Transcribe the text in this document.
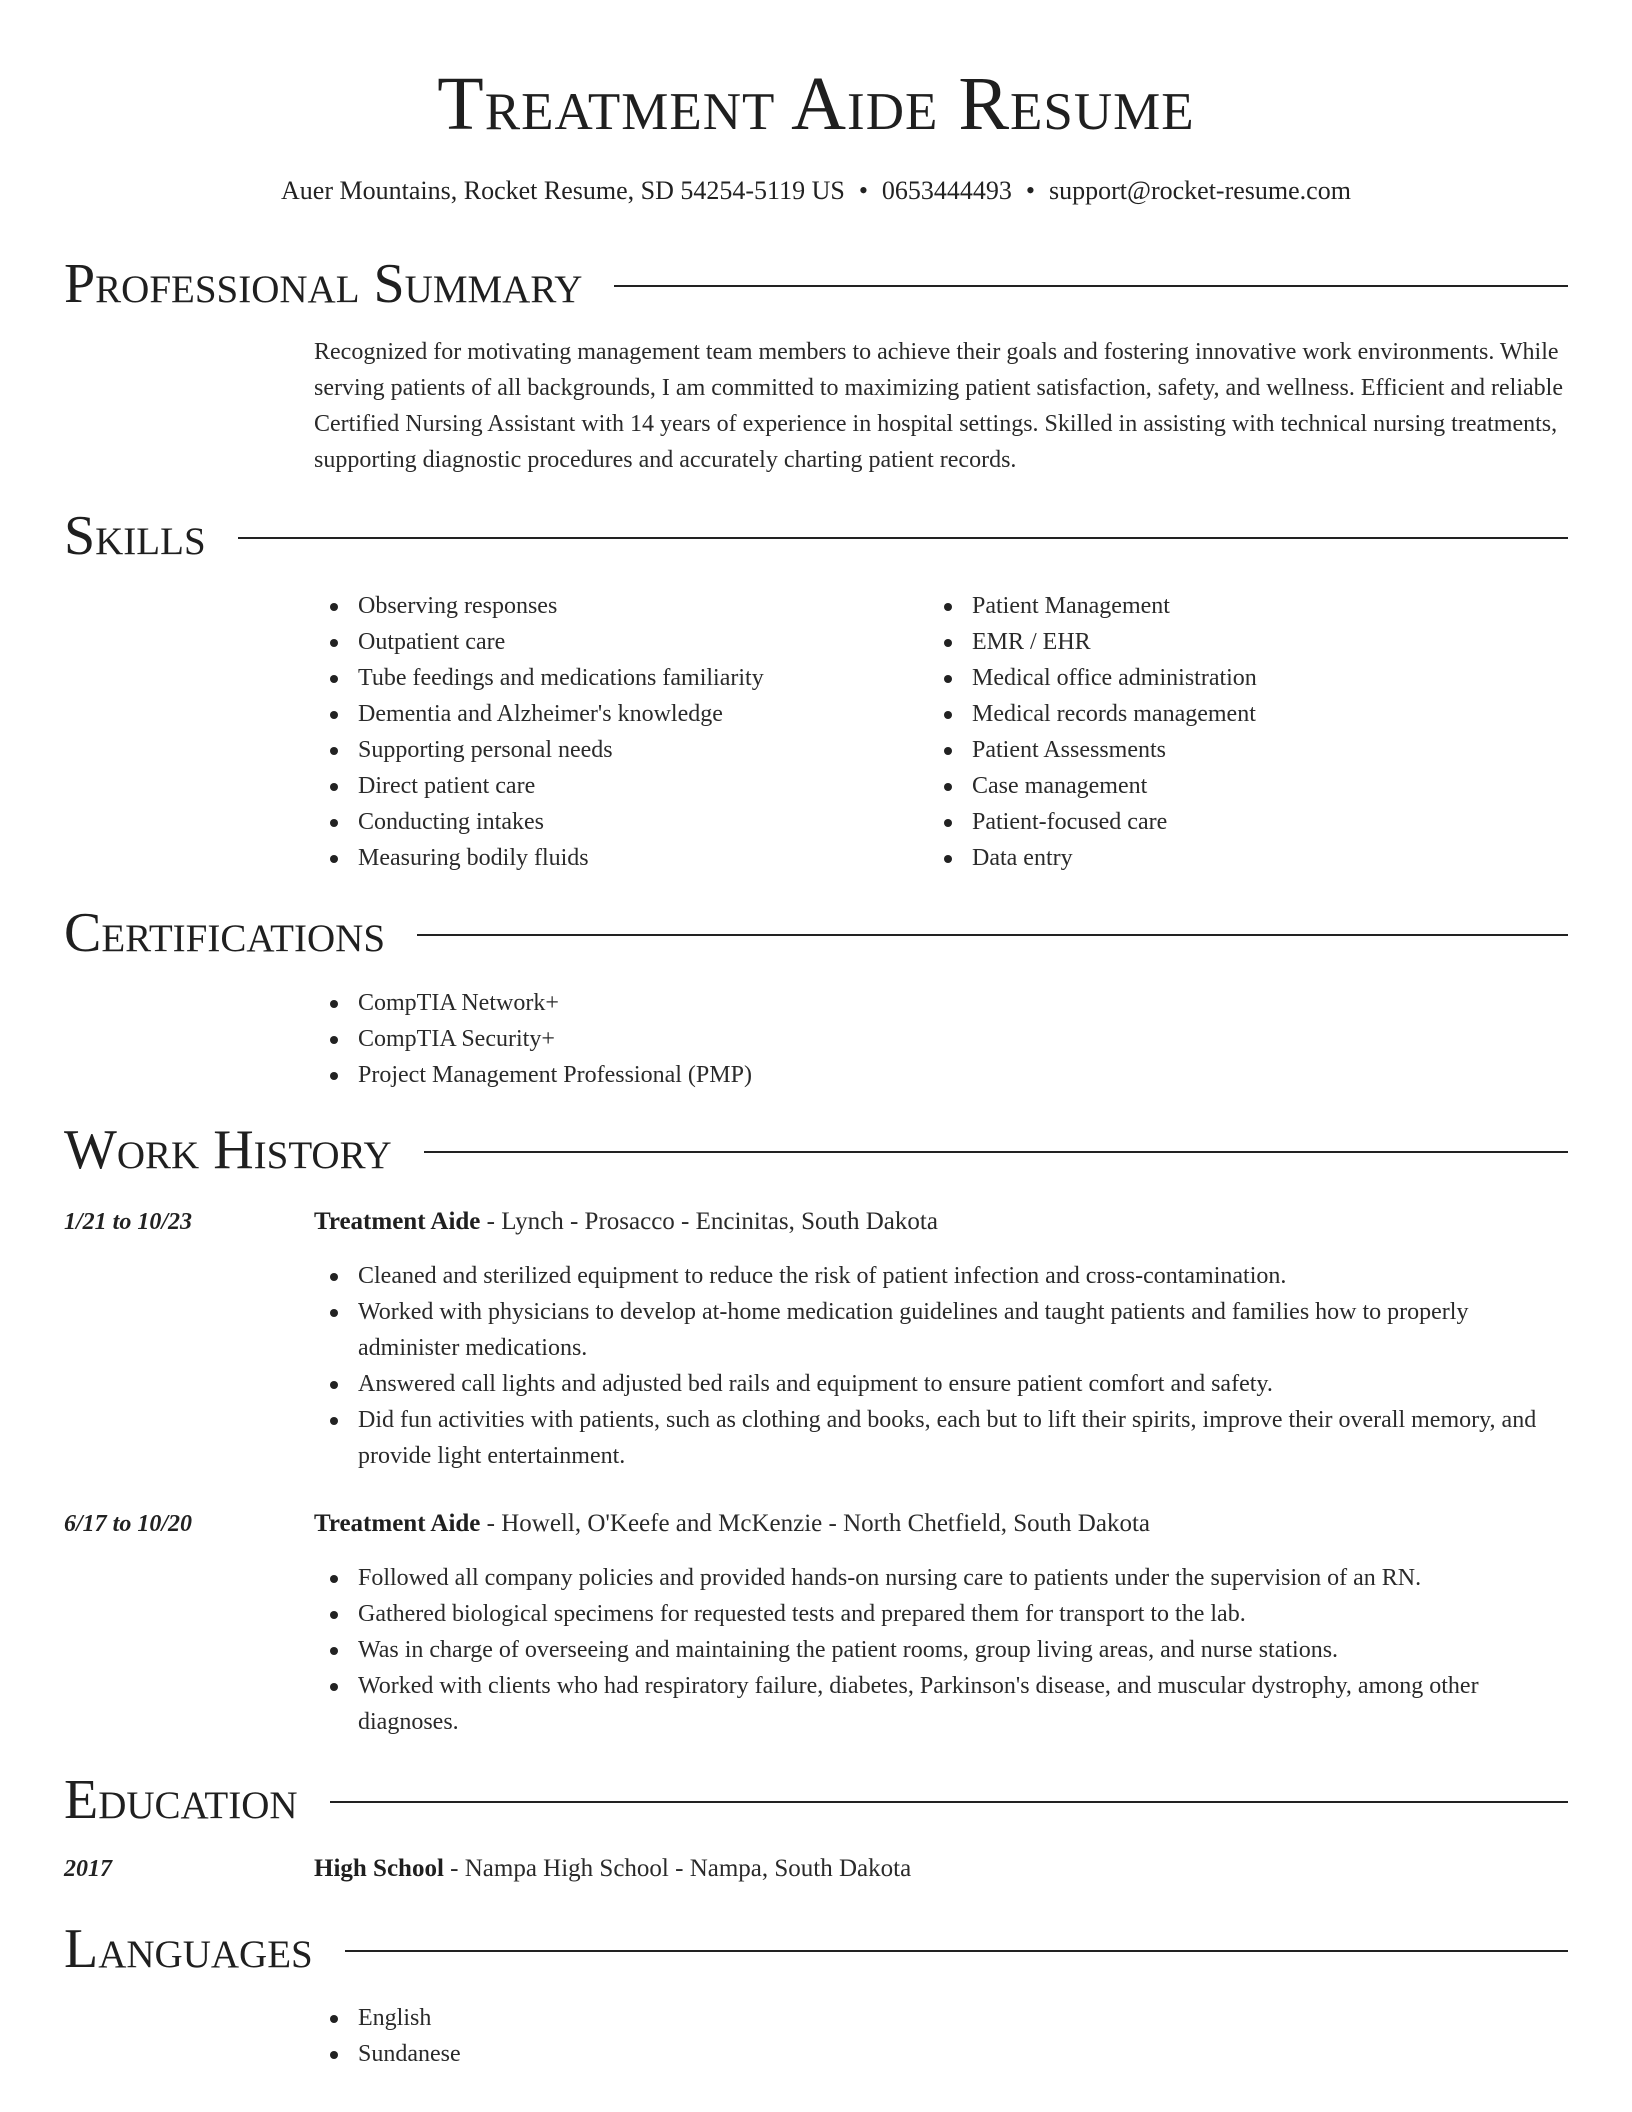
Treatment Aide Resume
Auer Mountains, Rocket Resume, SD 54254-5119 US • 0653444493 • support@rocket-resume.com
Professional Summary

Recognized for motivating management team members to achieve their goals and fostering innovative work environments. While serving patients of all backgrounds, I am committed to maximizing patient satisfaction, safety, and wellness. Efficient and reliable Certified Nursing Assistant with 14 years of experience in hospital settings. Skilled in assisting with technical nursing treatments, supporting diagnostic procedures and accurately charting patient records.

Skills
Observing responses
Outpatient care
Tube feedings and medications familiarity
Dementia and Alzheimer's knowledge
Supporting personal needs
Direct patient care
Conducting intakes
Measuring bodily fluids
Patient Management
EMR / EHR
Medical office administration
Medical records management
Patient Assessments
Case management
Patient-focused care
Data entry
Certifications
CompTIA Network+
CompTIA Security+
Project Management Professional (PMP)
Work History
1/21 to 10/23	Treatment Aide - Lynch - Prosacco - Encinitas, South Dakota
Cleaned and sterilized equipment to reduce the risk of patient infection and cross-contamination.
Worked with physicians to develop at-home medication guidelines and taught patients and families how to properly administer medications.
Answered call lights and adjusted bed rails and equipment to ensure patient comfort and safety.
Did fun activities with patients, such as clothing and books, each but to lift their spirits, improve their overall memory, and provide light entertainment.
6/17 to 10/20	Treatment Aide - Howell, O'Keefe and McKenzie - North Chetfield, South Dakota
Followed all company policies and provided hands-on nursing care to patients under the supervision of an RN.
Gathered biological specimens for requested tests and prepared them for transport to the lab.
Was in charge of overseeing and maintaining the patient rooms, group living areas, and nurse stations.
Worked with clients who had respiratory failure, diabetes, Parkinson's disease, and muscular dystrophy, among other diagnoses.
Education
2017	High School - Nampa High School - Nampa, South Dakota
Languages
English
Sundanese
